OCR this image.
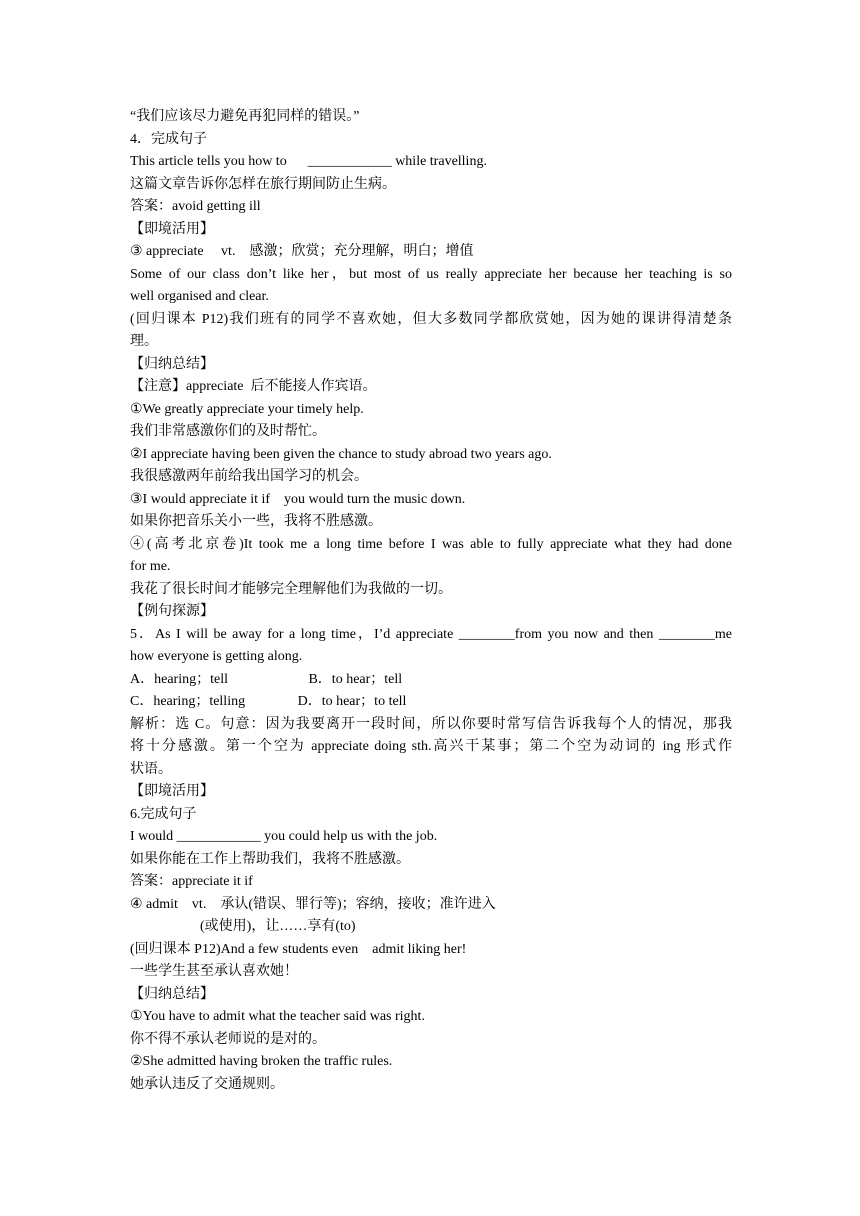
“我们应该尽力避免再犯同样的错误。”
4．完成句子
This article tells you how to      ____________ while travelling.
这篇文章告诉你怎样在旅行期间防止生病。
答案：avoid getting ill
【即境活用】
③ appreciate     vt.    感激；欣赏；充分理解，明白；增值
Some of our class don’t like her，but most of us really appreciate her because her teaching is so
well organised and clear.
(回归课本 P12)我们班有的同学不喜欢她，但大多数同学都欣赏她，因为她的课讲得清楚条
理。
【归纳总结】
【注意】appreciate  后不能接人作宾语。
①We greatly appreciate your timely help.
我们非常感激你们的及时帮忙。
②I appreciate having been given the chance to study abroad two years ago.
我很感激两年前给我出国学习的机会。
③I would appreciate it if    you would turn the music down.
如果你把音乐关小一些，我将不胜感激。
④(高考北京卷)It took me a long time before I was able to fully appreciate what they had done
for me.
我花了很长时间才能够完全理解他们为我做的一切。
【例句探源】
5．As I will be away for a long time，I’d appreciate ________from you now and then ________me
how everyone is getting along.
A．hearing；tell                       B．to hear；tell
C．hearing；telling               D．to hear；to tell
解析：选 C。句意：因为我要离开一段时间，所以你要时常写信告诉我每个人的情况，那我
将十分感激。第一个空为 appreciate doing sth.高兴干某事；第二个空为动词的 ing 形式作
状语。
【即境活用】
6.完成句子
I would ____________ you could help us with the job.
如果你能在工作上帮助我们，我将不胜感激。
答案：appreciate it if
④ admit    vt.    承认(错误、罪行等)；容纳，接收；准许进入
(或使用)，让……享有(to)
(回归课本 P12)And a few students even    admit liking her!
一些学生甚至承认喜欢她！
【归纳总结】
①You have to admit what the teacher said was right.
你不得不承认老师说的是对的。
②She admitted having broken the traffic rules.
她承认违反了交通规则。
